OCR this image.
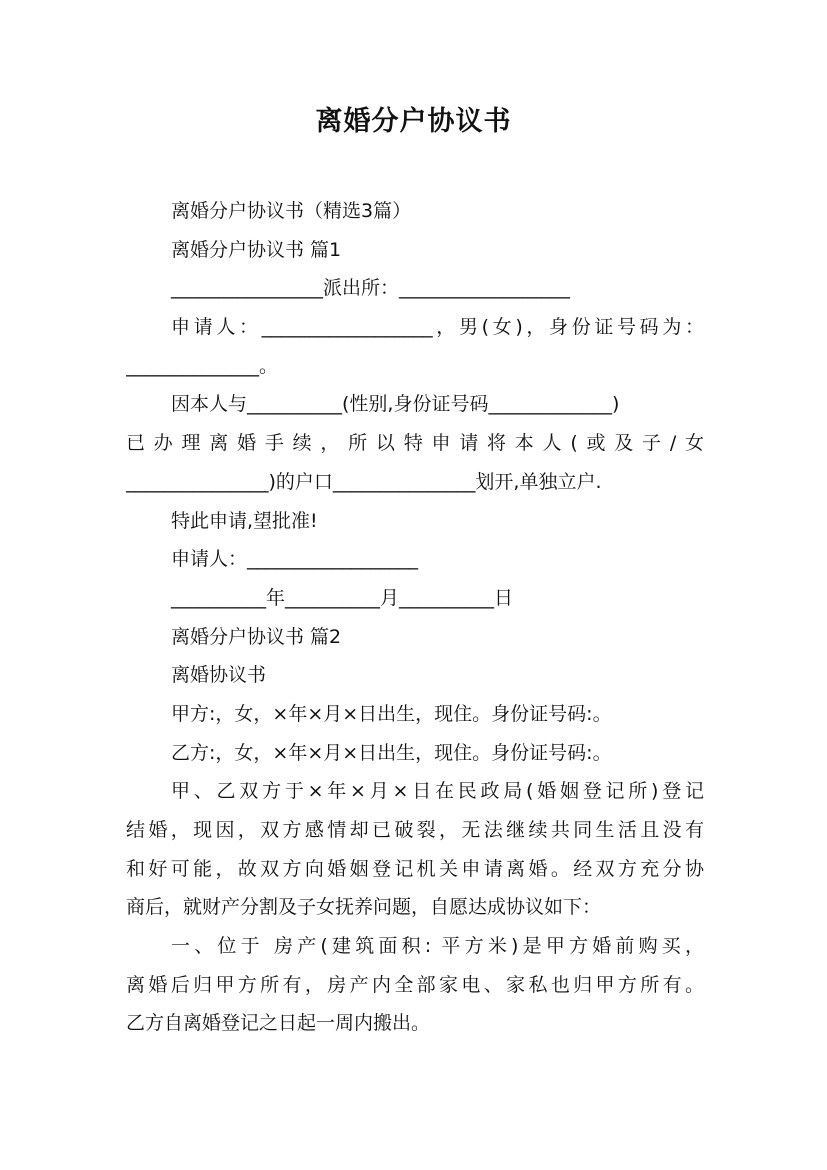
离婚分户协议书
离婚分户协议书（精选3篇）
离婚分户协议书 篇1
________________派出所：__________________
申请人：__________________，男(女)，身份证号码为：
______________。
因本人与__________(性别,身份证号码_____________)
已办理离婚手续，所以特申请将本人(或及子/女
_______________)的户口_______________划开,单独立户.
特此申请,望批准!
申请人：__________________
__________年__________月__________日
离婚分户协议书 篇2
离婚协议书
甲方:，女，×年×月×日出生，现住。身份证号码:。
乙方:，女，×年×月×日出生，现住。身份证号码:。
甲、乙双方于×年×月×日在民政局(婚姻登记所)登记
结婚，现因，双方感情却已破裂，无法继续共同生活且没有
和好可能，故双方向婚姻登记机关申请离婚。经双方充分协
商后，就财产分割及子女抚养问题，自愿达成协议如下：
一、位于 房产(建筑面积: 平方米)是甲方婚前购买，
离婚后归甲方所有，房产内全部家电、家私也归甲方所有。
乙方自离婚登记之日起一周内搬出。
